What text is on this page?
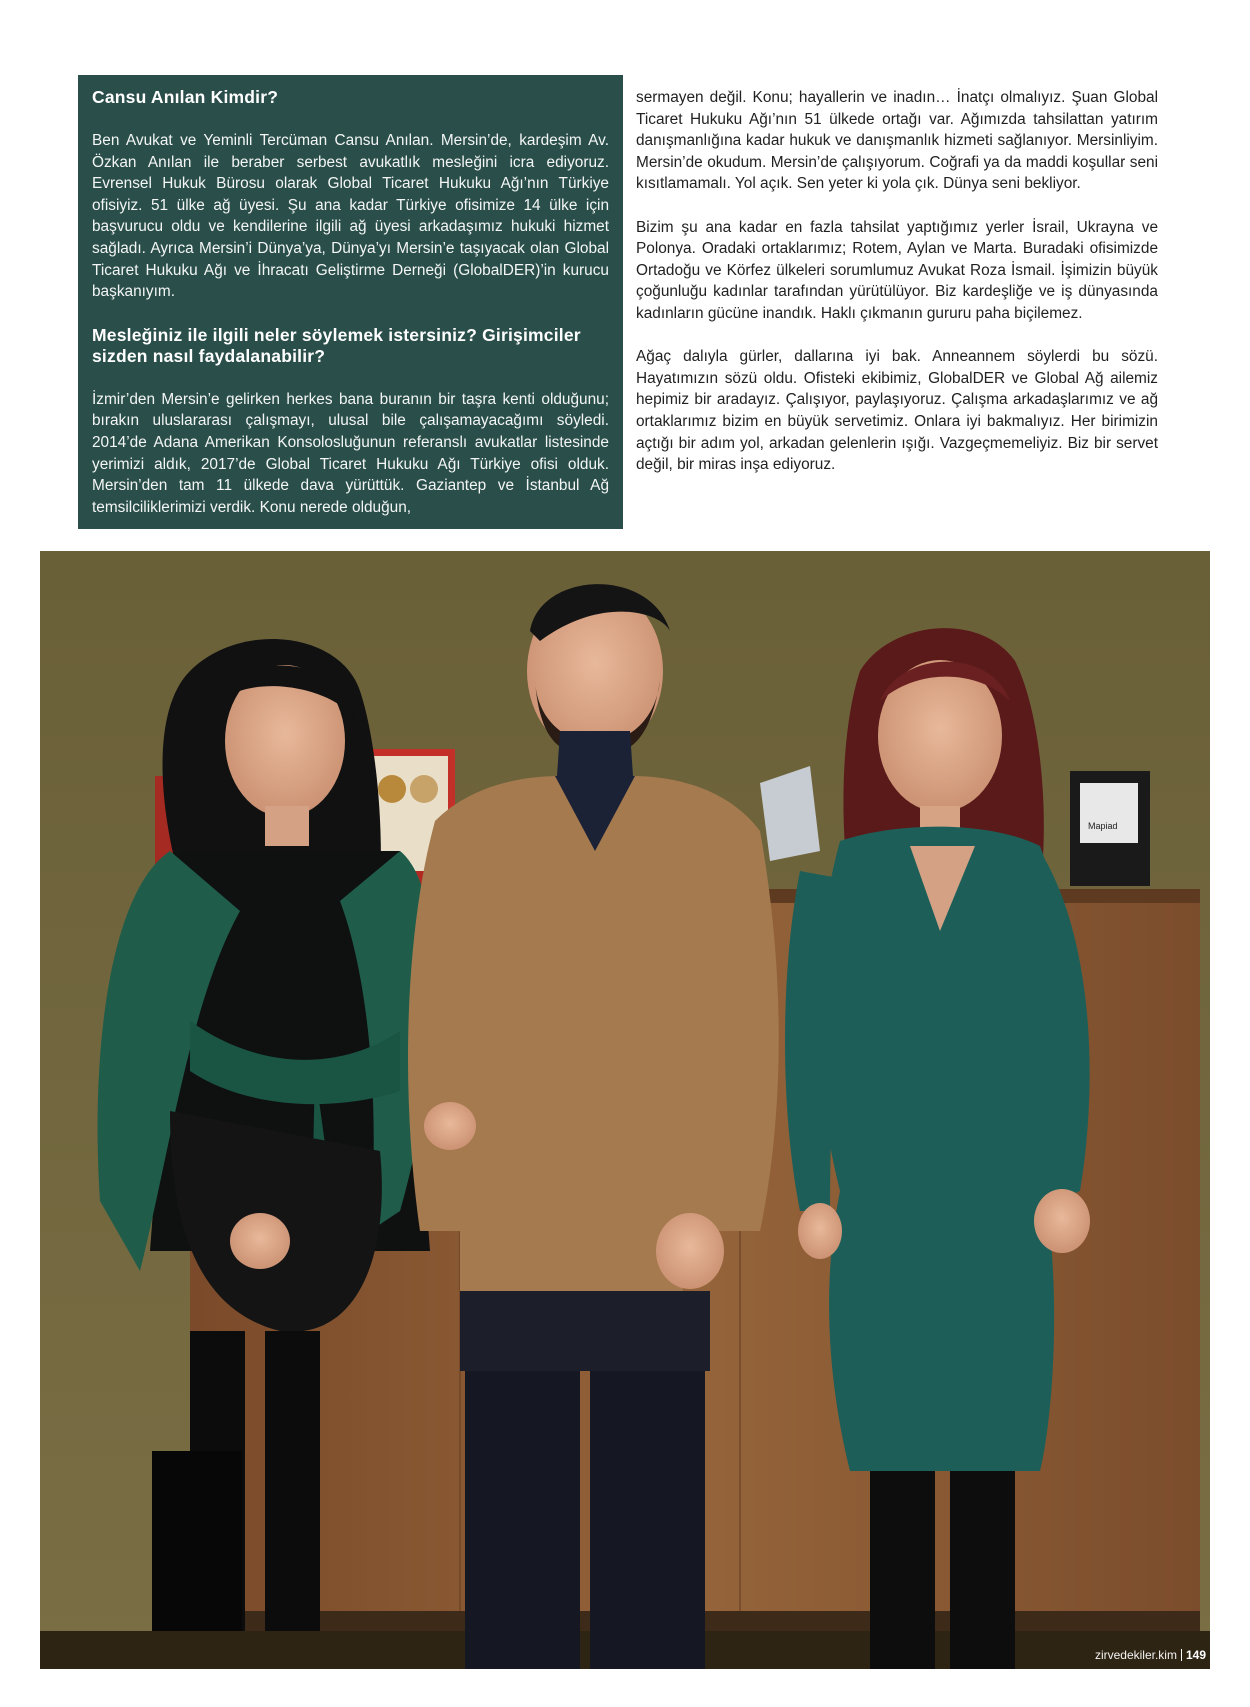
Cansu Anılan Kimdir?

Ben Avukat ve Yeminli Tercüman Cansu Anılan. Mersin’de, kardeşim Av. Özkan Anılan ile beraber serbest avukatlık mesleğini icra ediyoruz. Evrensel Hukuk Bürosu olarak Global Ticaret Hukuku Ağı’nın Türkiye ofisiyiz. 51 ülke ağ üyesi. Şu ana kadar Türkiye ofisimize 14 ülke için başvurucu oldu ve kendilerine ilgili ağ üyesi arkadaşımız hukuki hizmet sağladı. Ayrıca Mersin’i Dünya’ya, Dünya’yı Mersin’e taşıyacak olan Global Ticaret Hukuku Ağı ve İhracatı Geliştirme Derneği (GlobalDER)’in kurucu başkanıyım.

Mesleğiniz ile ilgili neler söylemek istersiniz? Girişimciler sizden nasıl faydalanabilir?

İzmir’den Mersin’e gelirken herkes bana buranın bir taşra kenti olduğunu; bırakın uluslararası çalışmayı, ulusal bile çalışamayacağımı söyledi. 2014’de Adana Amerikan Konsolosluğunun referanslı avukatlar listesinde yerimizi aldık, 2017’de Global Ticaret Hukuku Ağı Türkiye ofisi olduk. Mersin’den tam 11 ülkede dava yürüttük. Gaziantep ve İstanbul Ağ temsilciliklerimizi verdik. Konu nerede olduğun,

sermayen değil. Konu; hayallerin ve inadın… İnatçı olmalıyız. Şuan Global Ticaret Hukuku Ağı’nın 51 ülkede ortağı var. Ağımızda tahsilattan yatırım danışmanlığına kadar hukuk ve danışmanlık hizmeti sağlanıyor. Mersinliyim. Mersin’de okudum. Mersin’de çalışıyorum. Coğrafi ya da maddi koşullar seni kısıtlamamalı. Yol açık. Sen yeter ki yola çık. Dünya seni bekliyor.

Bizim şu ana kadar en fazla tahsilat yaptığımız yerler İsrail, Ukrayna ve Polonya. Oradaki ortaklarımız; Rotem, Aylan ve Marta. Buradaki ofisimizde Ortadoğu ve Körfez ülkeleri sorumlumuz Avukat Roza İsmail. İşimizin büyük çoğunluğu kadınlar tarafından yürütülüyor. Biz kardeşliğe ve iş dünyasında kadınların gücüne inandık. Haklı çıkmanın gururu paha biçilemez.

Ağaç dalıyla gürler, dallarına iyi bak. Anneannem söylerdi bu sözü. Hayatımızın sözü oldu. Ofisteki ekibimiz, GlobalDER ve Global Ağ ailemiz hepimiz bir aradayız. Çalışıyor, paylaşıyoruz. Çalışma arkadaşlarımız ve ağ ortaklarımız bizim en büyük servetimiz. Onlara iyi bakmalıyız. Her birimizin açtığı bir adım yol, arkadan gelenlerin ışığı. Vazgeçmemeliyiz. Biz bir servet değil, bir miras inşa ediyoruz.

Mapiad
zirvedekiler.kim 149
